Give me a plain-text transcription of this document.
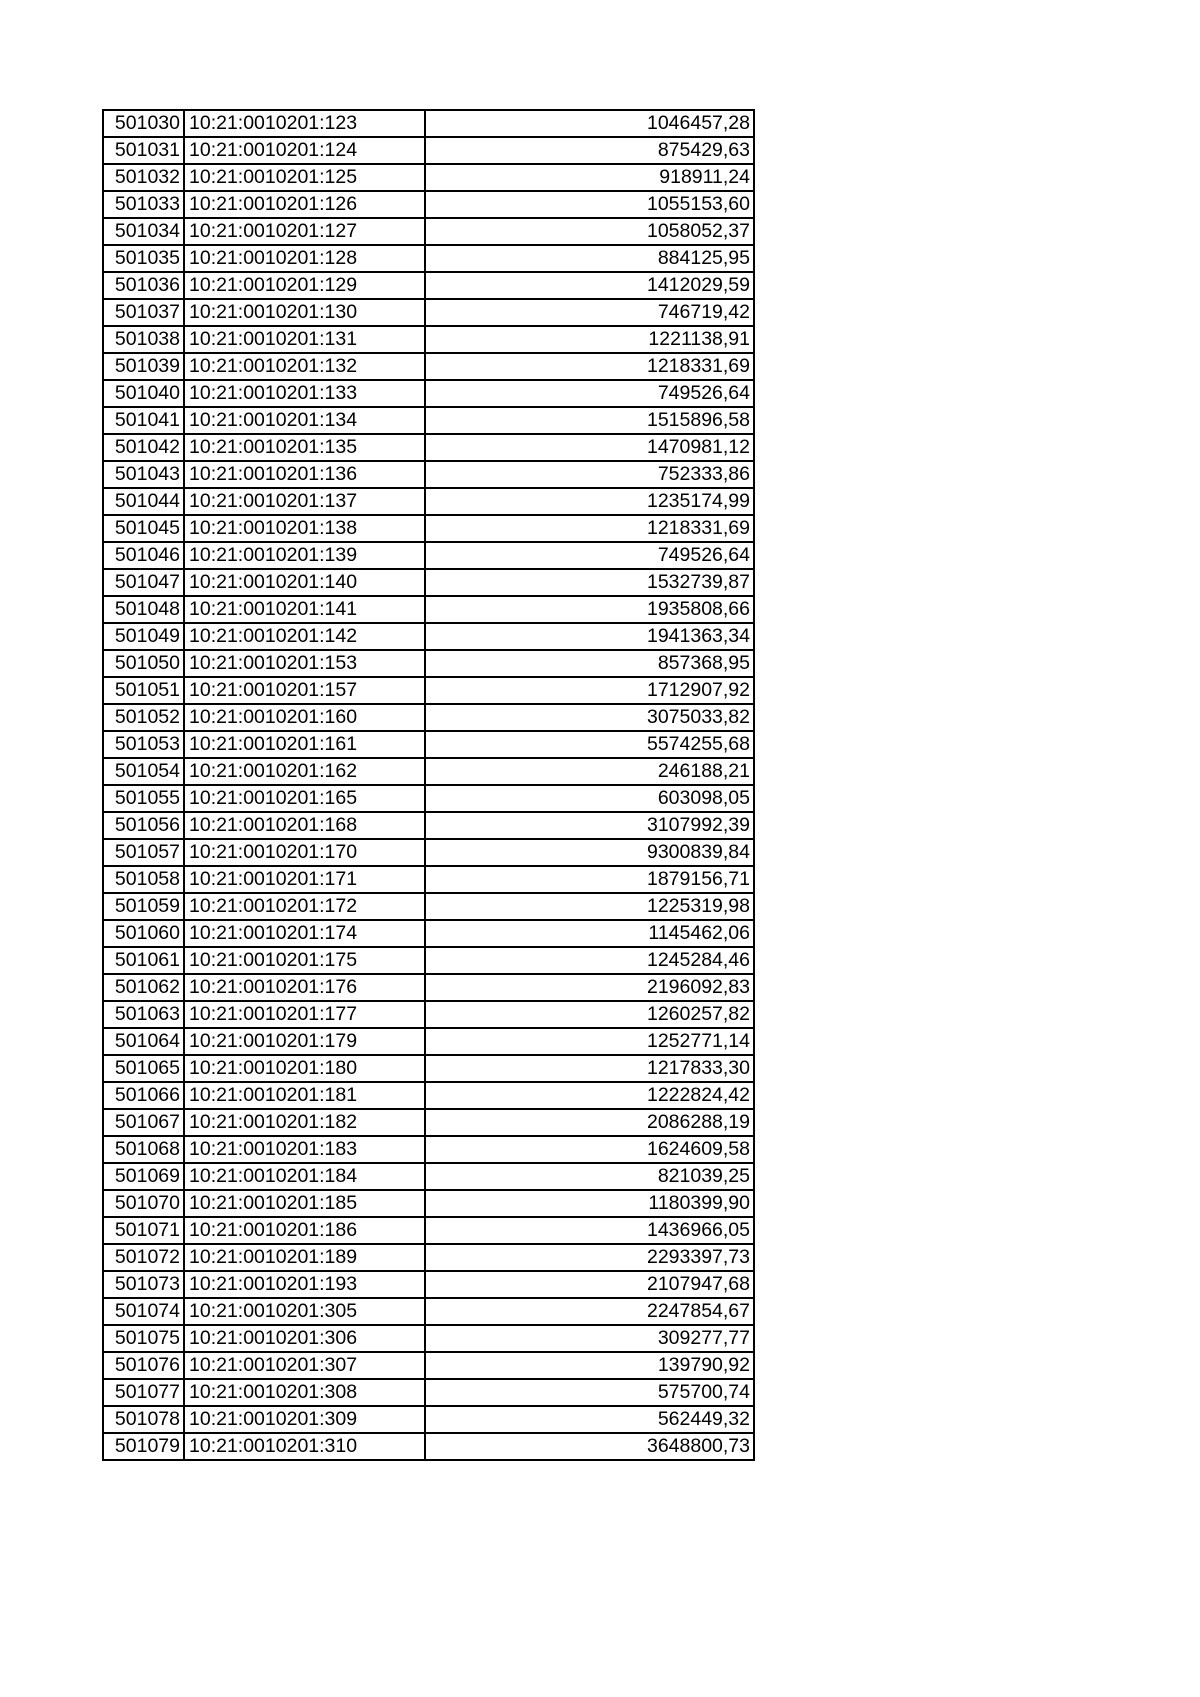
501030	10:21:0010201:123	1046457,28
501031	10:21:0010201:124	875429,63
501032	10:21:0010201:125	918911,24
501033	10:21:0010201:126	1055153,60
501034	10:21:0010201:127	1058052,37
501035	10:21:0010201:128	884125,95
501036	10:21:0010201:129	1412029,59
501037	10:21:0010201:130	746719,42
501038	10:21:0010201:131	1221138,91
501039	10:21:0010201:132	1218331,69
501040	10:21:0010201:133	749526,64
501041	10:21:0010201:134	1515896,58
501042	10:21:0010201:135	1470981,12
501043	10:21:0010201:136	752333,86
501044	10:21:0010201:137	1235174,99
501045	10:21:0010201:138	1218331,69
501046	10:21:0010201:139	749526,64
501047	10:21:0010201:140	1532739,87
501048	10:21:0010201:141	1935808,66
501049	10:21:0010201:142	1941363,34
501050	10:21:0010201:153	857368,95
501051	10:21:0010201:157	1712907,92
501052	10:21:0010201:160	3075033,82
501053	10:21:0010201:161	5574255,68
501054	10:21:0010201:162	246188,21
501055	10:21:0010201:165	603098,05
501056	10:21:0010201:168	3107992,39
501057	10:21:0010201:170	9300839,84
501058	10:21:0010201:171	1879156,71
501059	10:21:0010201:172	1225319,98
501060	10:21:0010201:174	1145462,06
501061	10:21:0010201:175	1245284,46
501062	10:21:0010201:176	2196092,83
501063	10:21:0010201:177	1260257,82
501064	10:21:0010201:179	1252771,14
501065	10:21:0010201:180	1217833,30
501066	10:21:0010201:181	1222824,42
501067	10:21:0010201:182	2086288,19
501068	10:21:0010201:183	1624609,58
501069	10:21:0010201:184	821039,25
501070	10:21:0010201:185	1180399,90
501071	10:21:0010201:186	1436966,05
501072	10:21:0010201:189	2293397,73
501073	10:21:0010201:193	2107947,68
501074	10:21:0010201:305	2247854,67
501075	10:21:0010201:306	309277,77
501076	10:21:0010201:307	139790,92
501077	10:21:0010201:308	575700,74
501078	10:21:0010201:309	562449,32
501079	10:21:0010201:310	3648800,73
